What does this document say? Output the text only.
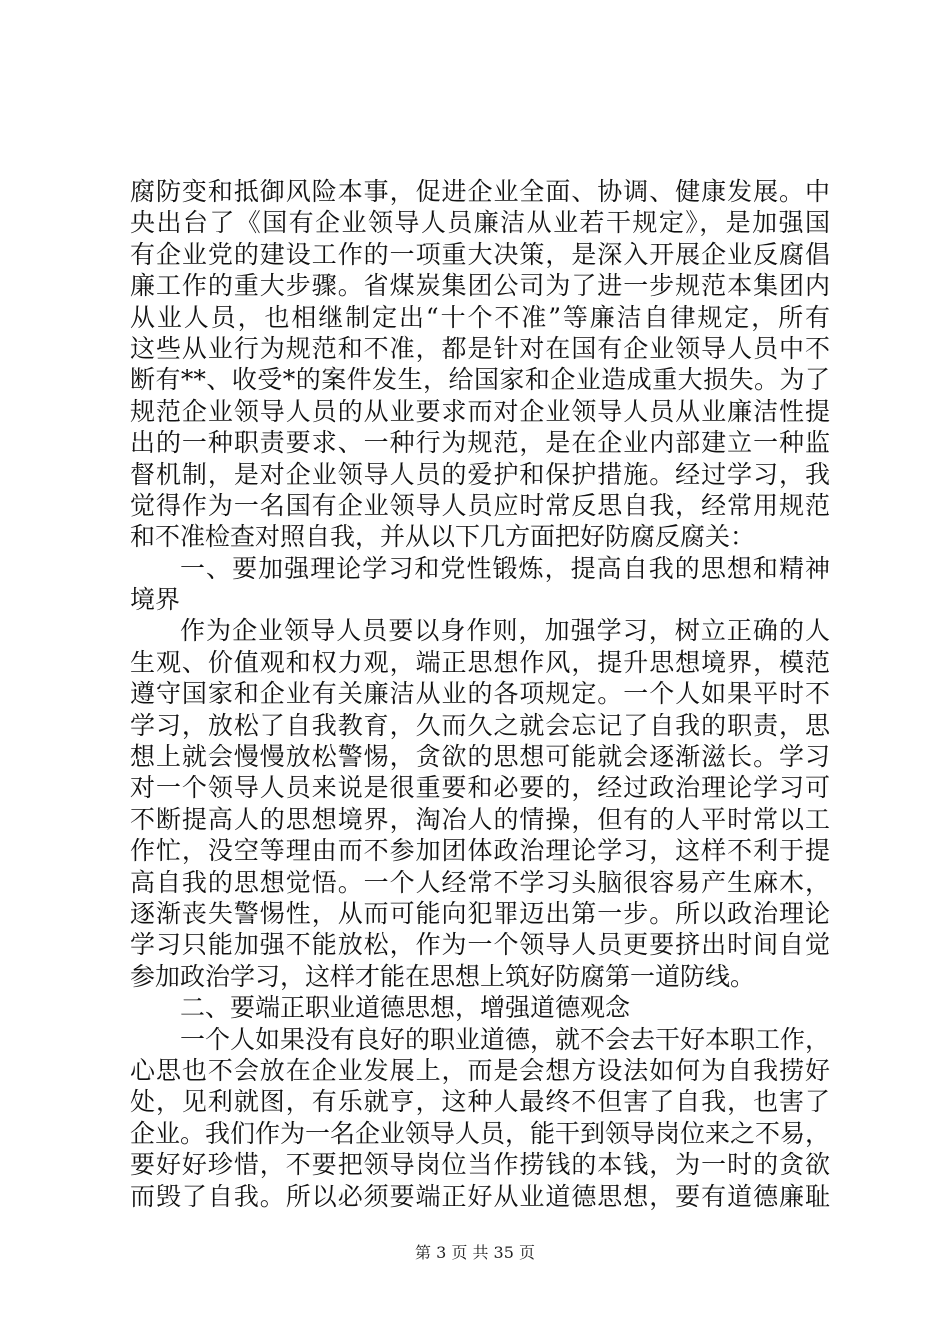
腐防变和抵御风险本事，促进企业全面、协调、健康发展。中
央出台了《国有企业领导人员廉洁从业若干规定》，是加强国
有企业党的建设工作的一项重大决策，是深入开展企业反腐倡
廉工作的重大步骤。省煤炭集团公司为了进一步规范本集团内
从业人员，也相继制定出“十个不准”等廉洁自律规定，所有
这些从业行为规范和不准，都是针对在国有企业领导人员中不
断有**、收受*的案件发生，给国家和企业造成重大损失。为了
规范企业领导人员的从业要求而对企业领导人员从业廉洁性提
出的一种职责要求、一种行为规范，是在企业内部建立一种监
督机制，是对企业领导人员的爱护和保护措施。经过学习，我
觉得作为一名国有企业领导人员应时常反思自我，经常用规范
和不准检查对照自我，并从以下几方面把好防腐反腐关：
一、要加强理论学习和党性锻炼，提高自我的思想和精神
境界
作为企业领导人员要以身作则，加强学习，树立正确的人
生观、价值观和权力观，端正思想作风，提升思想境界，模范
遵守国家和企业有关廉洁从业的各项规定。一个人如果平时不
学习，放松了自我教育，久而久之就会忘记了自我的职责，思
想上就会慢慢放松警惕，贪欲的思想可能就会逐渐滋长。学习
对一个领导人员来说是很重要和必要的，经过政治理论学习可
不断提高人的思想境界，淘冶人的情操，但有的人平时常以工
作忙，没空等理由而不参加团体政治理论学习，这样不利于提
高自我的思想觉悟。一个人经常不学习头脑很容易产生麻木，
逐渐丧失警惕性，从而可能向犯罪迈出第一步。所以政治理论
学习只能加强不能放松，作为一个领导人员更要挤出时间自觉
参加政治学习，这样才能在思想上筑好防腐第一道防线。
二、要端正职业道德思想，增强道德观念
一个人如果没有良好的职业道德，就不会去干好本职工作，
心思也不会放在企业发展上，而是会想方设法如何为自我捞好
处，见利就图，有乐就亨，这种人最终不但害了自我，也害了
企业。我们作为一名企业领导人员，能干到领导岗位来之不易，
要好好珍惜，不要把领导岗位当作捞钱的本钱，为一时的贪欲
而毁了自我。所以必须要端正好从业道德思想，要有道德廉耻
第 3 页 共 35 页
